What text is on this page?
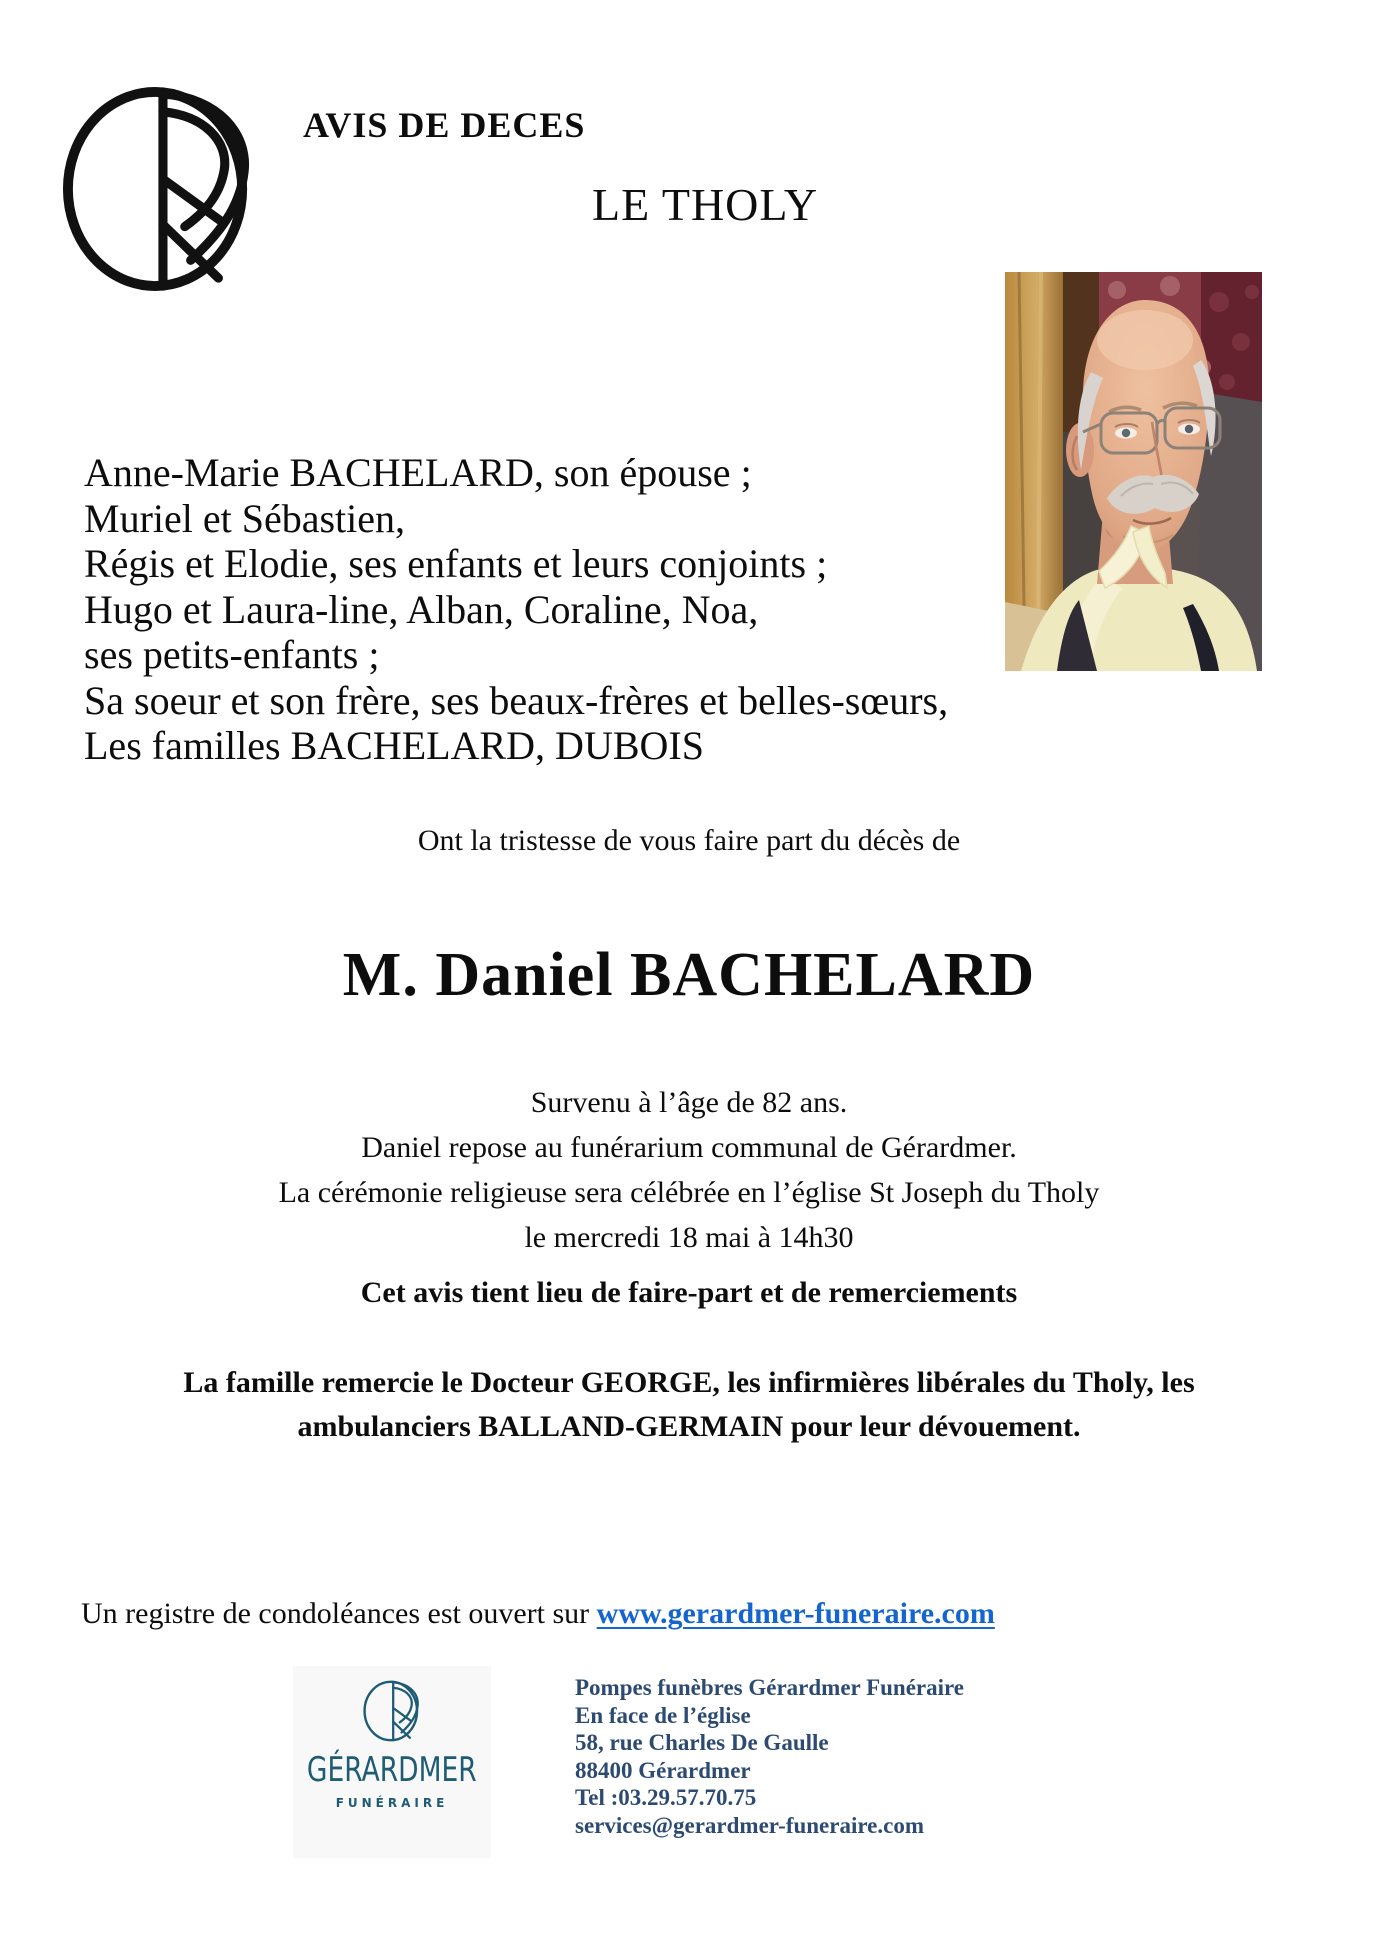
AVIS DE DECES
LE THOLY
Anne-Marie BACHELARD, son épouse ;
Muriel et Sébastien,
Régis et Elodie, ses enfants et leurs conjoints ;
Hugo et Laura-line, Alban, Coraline, Noa,
ses petits-enfants ;
Sa soeur et son frère, ses beaux-frères et belles-sœurs,
Les familles BACHELARD, DUBOIS
Ont la tristesse de vous faire part du décès de
M. Daniel BACHELARD
Survenu à l’âge de 82 ans.
Daniel repose au funérarium communal de Gérardmer.
La cérémonie religieuse sera célébrée en l’église St Joseph du Tholy
le mercredi 18 mai à 14h30
Cet avis tient lieu de faire-part et de remerciements
La famille remercie le Docteur GEORGE, les infirmières libérales du Tholy, les
ambulanciers BALLAND-GERMAIN pour leur dévouement.
Un registre de condoléances est ouvert sur www.gerardmer-funeraire.com
GÉRARDMER
FUNÉRAIRE
Pompes funèbres Gérardmer Funéraire
En face de l’église
58, rue Charles De Gaulle
88400 Gérardmer
Tel :03.29.57.70.75
services@gerardmer-funeraire.com
